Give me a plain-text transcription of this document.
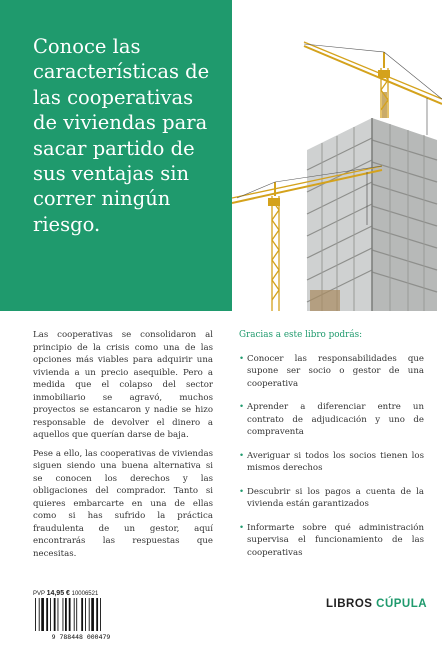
Conoce las
características de
las cooperativas
de viviendas para
sacar partido de
sus ventajas sin
correr ningún
riesgo.

Las cooperativas se consolidaron al principio de la crisis como una de las opciones más viables para adquirir una vivienda a un precio asequible. Pero a medida que el colapso del sector inmobiliario se agravó, muchos proyectos se estancaron y nadie se hizo responsable de devolver el dinero a aquellos que querían darse de baja.

Pese a ello, las cooperativas de viviendas siguen siendo una buena alternativa si se conocen los derechos y las obligaciones del comprador. Tanto si quieres embarcarte en una de ellas como si has sufrido la práctica fraudulenta de un gestor, aquí encontrarás las respuestas que necesitas.

Gracias a este libro podrás:

• Conocer las responsabilidades que supone ser socio o gestor de una cooperativa
• Aprender a diferenciar entre un contrato de adjudicación y uno de compraventa
• Averiguar si todos los socios tienen los mismos derechos
• Descubrir si los pagos a cuenta de la vivienda están garantizados
• Informarte sobre qué administración supervisa el funcionamiento de las cooperativas
PVP 14,95 € 10006521
9 788448 000479
LIBROS CÚPULA
